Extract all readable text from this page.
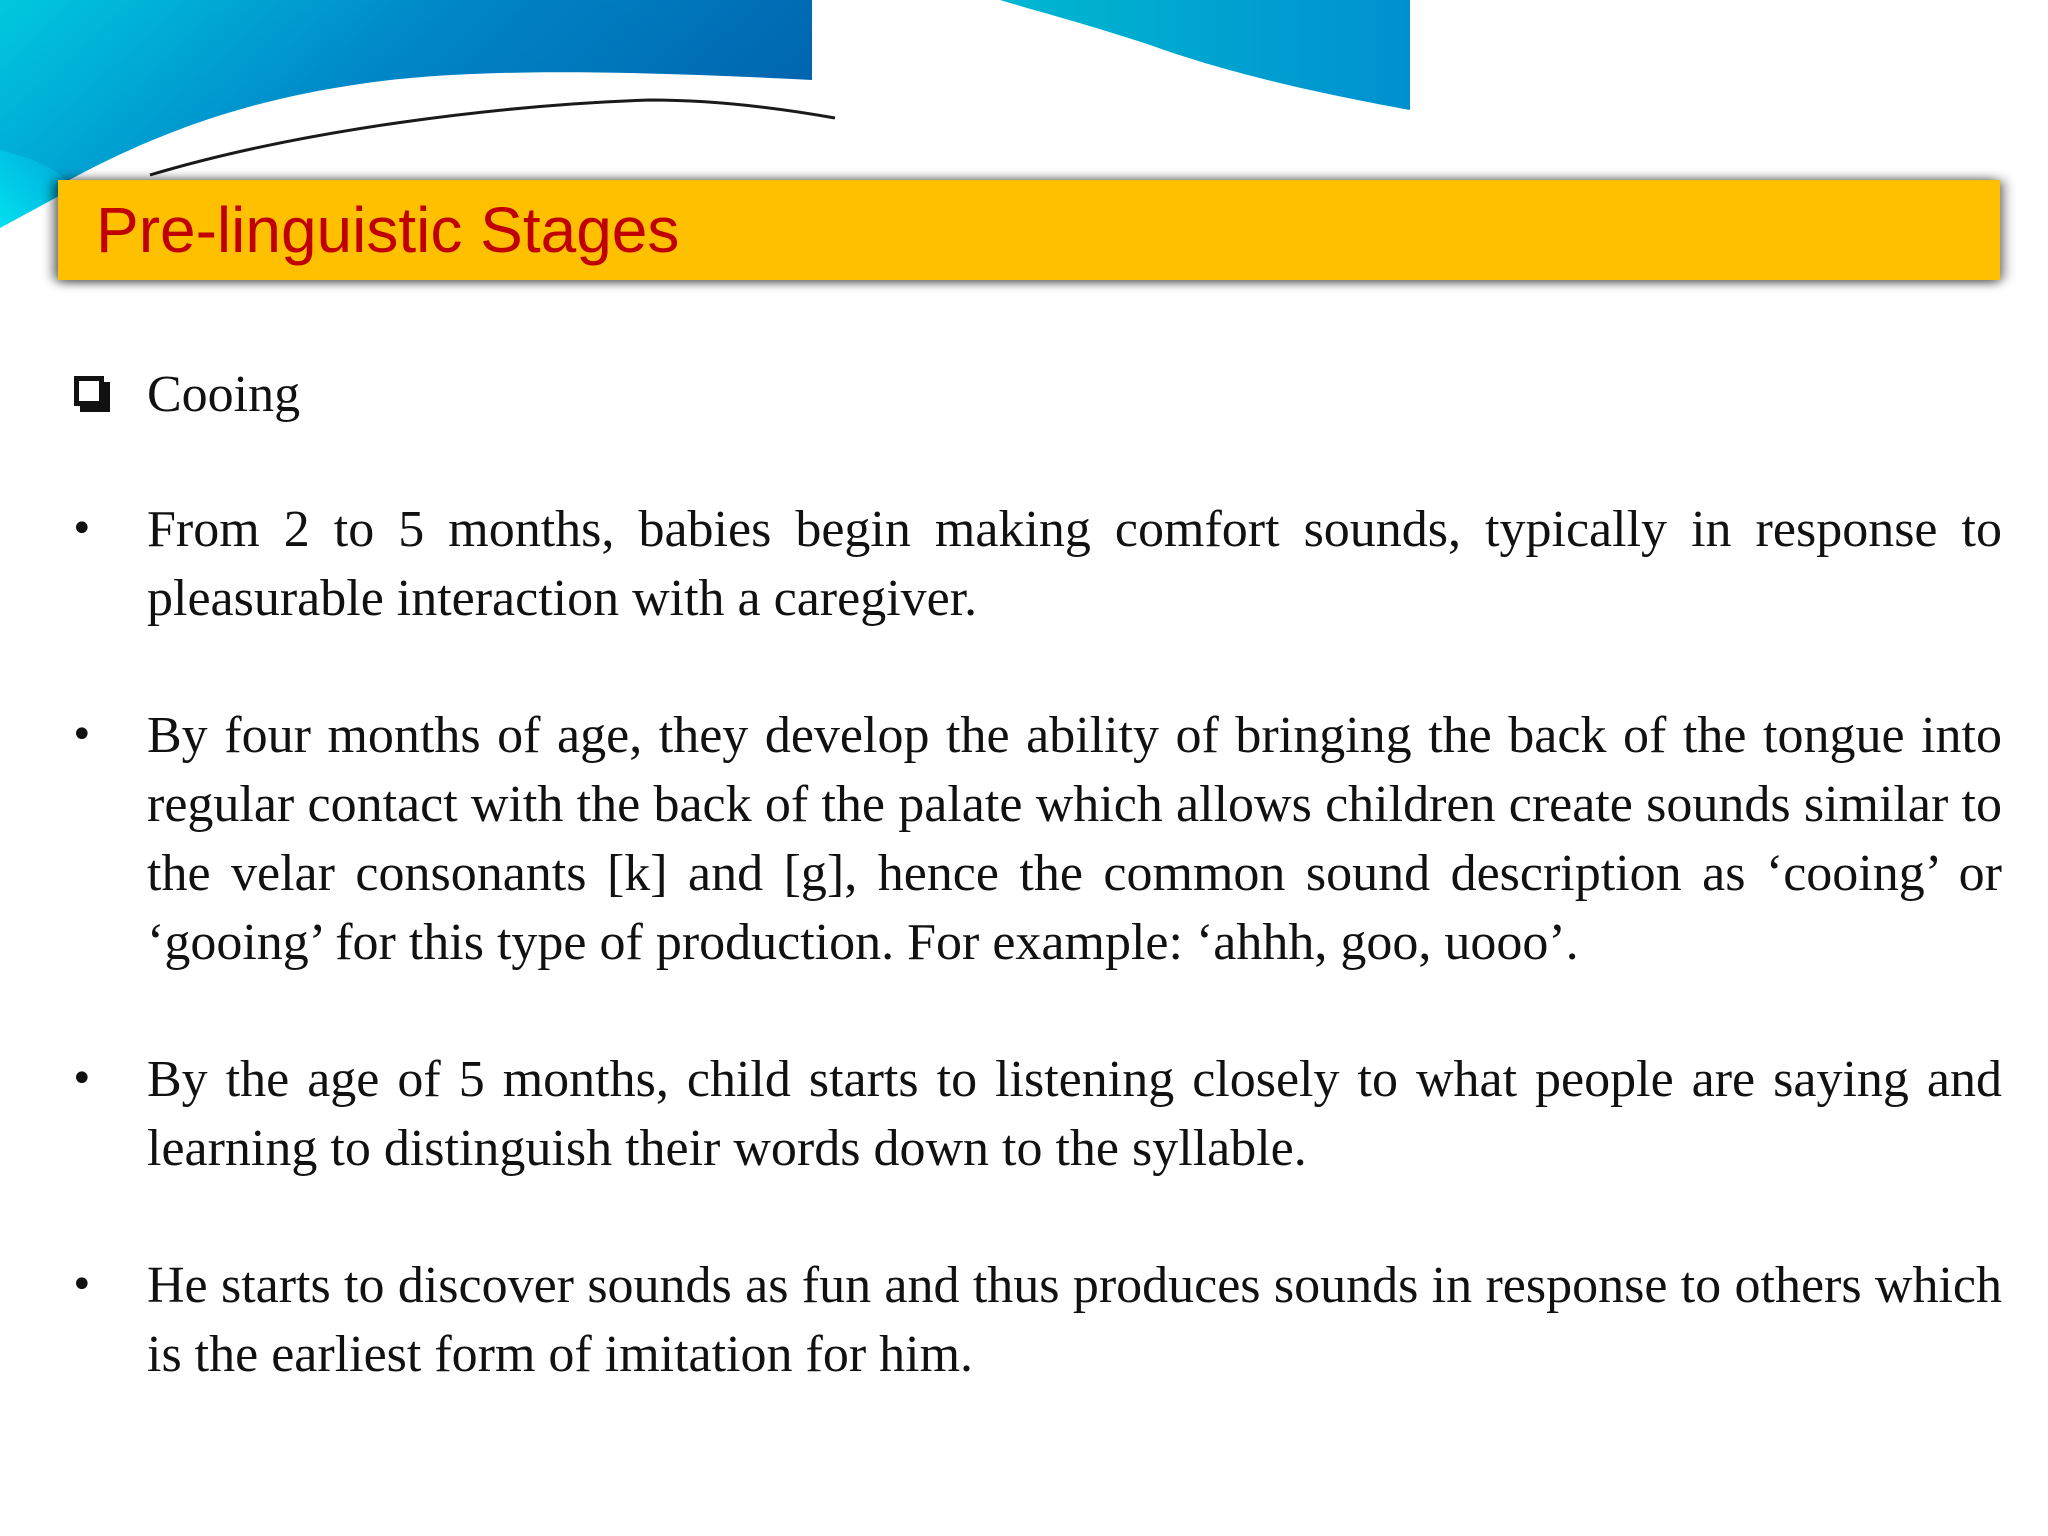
Pre-linguistic Stages
Cooing
• From 2 to 5 months, babies begin making comfort sounds, typically in response to pleasurable interaction with a caregiver.
• By four months of age, they develop the ability of bringing the back of the tongue into regular contact with the back of the palate which allows children create sounds similar to the velar consonants [k] and [g], hence the common sound description as ‘cooing’ or ‘gooing’ for this type of production. For example: ‘ahhh, goo, uooo’.
• By the age of 5 months, child starts to listening closely to what people are saying and learning to distinguish their words down to the syllable.
• He starts to discover sounds as fun and thus produces sounds in response to others which is the earliest form of imitation for him.
